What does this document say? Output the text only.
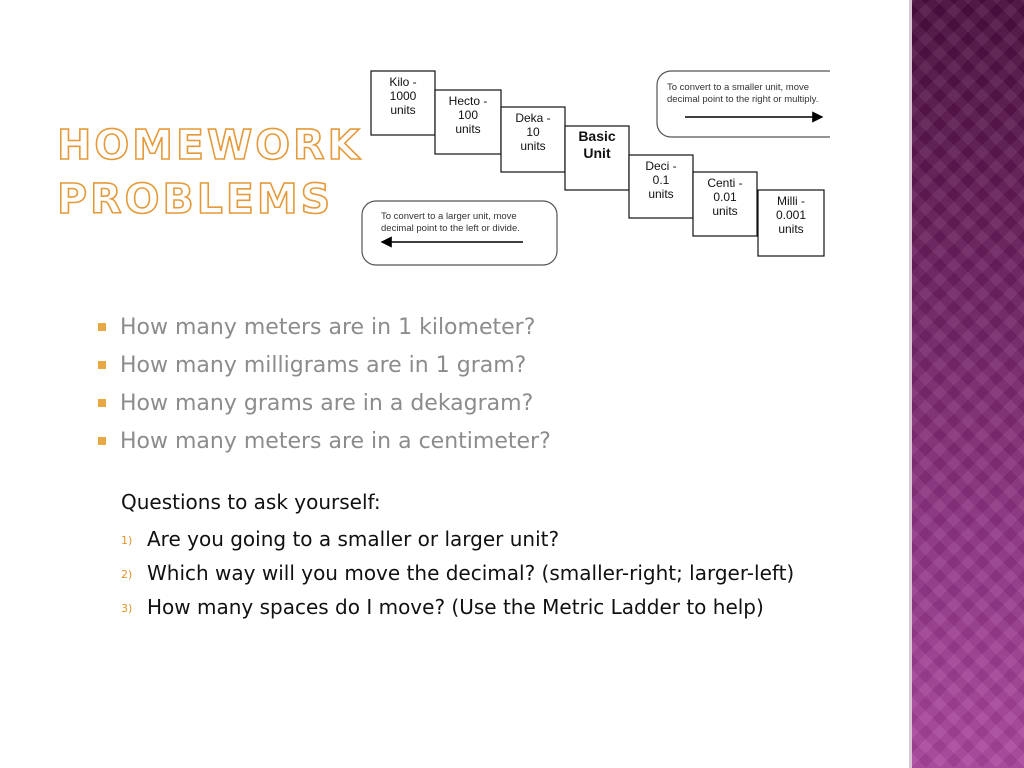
HOMEWORK
PROBLEMS
Kilo -1000 units
Hecto -100 units
Deka -10 units
Basic Unit
Deci -0.1 units
Centi -0.01 units
Milli -0.001 units
To convert to a smaller unit, move decimal point to the right or multiply.
To convert to a larger unit, move decimal point to the left or divide.
How many meters are in 1 kilometer?
How many milligrams are in 1 gram?
How many grams are in a dekagram?
How many meters are in a centimeter?

Questions to ask yourself:

1) Are you going to a smaller or larger unit?
2) Which way will you move the decimal? (smaller-right; larger-left)
3) How many spaces do I move? (Use the Metric Ladder to help)
